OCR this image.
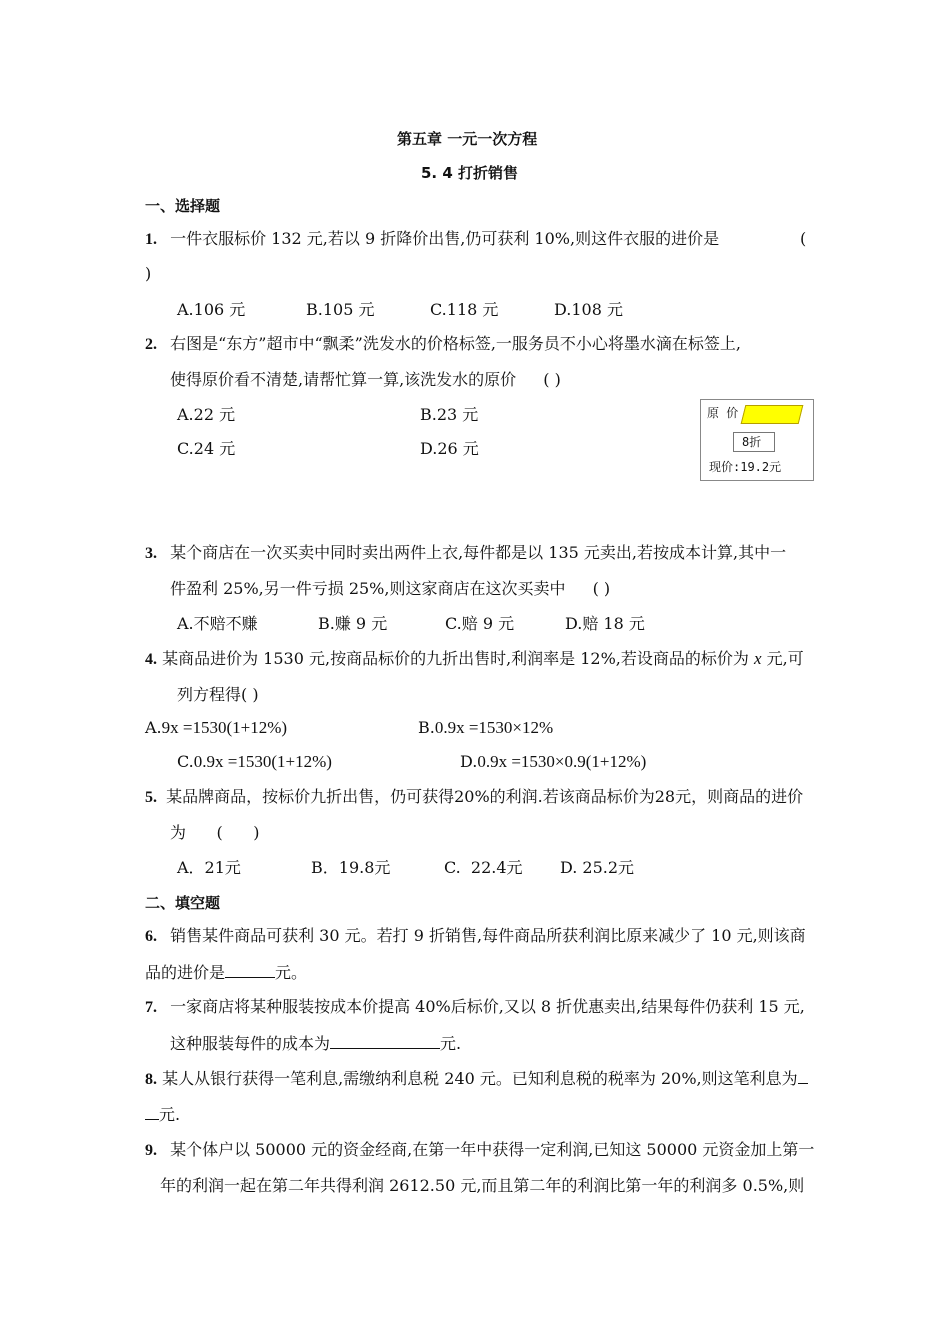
第五章 一元一次方程
5. 4 打折销售
一、选择题
1. 一件衣服标价 132 元,若以 9 折降价出售,仍可获利 10%,则这件衣服的进价是	(
)
A.106 元	B.105 元	C.118 元	D.108 元
2. 右图是“东方”超市中“飘柔”洗发水的价格标签,一服务员不小心将墨水滴在标签上,
使得原价看不清楚,请帮忙算一算,该洗发水的原价 ( )
A.22 元	B.23 元
C.24 元	D.26 元
原 价
8折
现价:19.2元
3. 某个商店在一次买卖中同时卖出两件上衣,每件都是以 135 元卖出,若按成本计算,其中一
件盈利 25%,另一件亏损 25%,则这家商店在这次买卖中 ( )
A.不赔不赚	B.赚 9 元	C.赔 9 元	D.赔 18 元
4. 某商品进价为 1530 元,按商品标价的九折出售时,利润率是 12%,若设商品的标价为 x 元,可
列方程得( )
A.9x =1530(1+12%)	B.0.9x =1530×12%
C.0.9x =1530(1+12%)	D.0.9x =1530×0.9(1+12%)
5. 某品牌商品，按标价九折出售，仍可获得20%的利润.若该商品标价为28元，则商品的进价
为      (      )
A．21元	B．19.8元	C.  22.4元 D. 25.2元
二、填空题
6. 销售某件商品可获利 30 元。若打 9 折销售,每件商品所获利润比原来减少了 10 元,则该商
品的进价是	元。
7. 一家商店将某种服装按成本价提高 40%后标价,又以 8 折优惠卖出,结果每件仍获利 15 元,
这种服装每件的成本为	元.
8. 某人从银行获得一笔利息,需缴纳利息税 240 元。已知利息税的税率为 20%,则这笔利息为
元.
9. 某个体户以 50000 元的资金经商,在第一年中获得一定利润,已知这 50000 元资金加上第一
年的利润一起在第二年共得利润 2612.50 元,而且第二年的利润比第一年的利润多 0.5%,则
